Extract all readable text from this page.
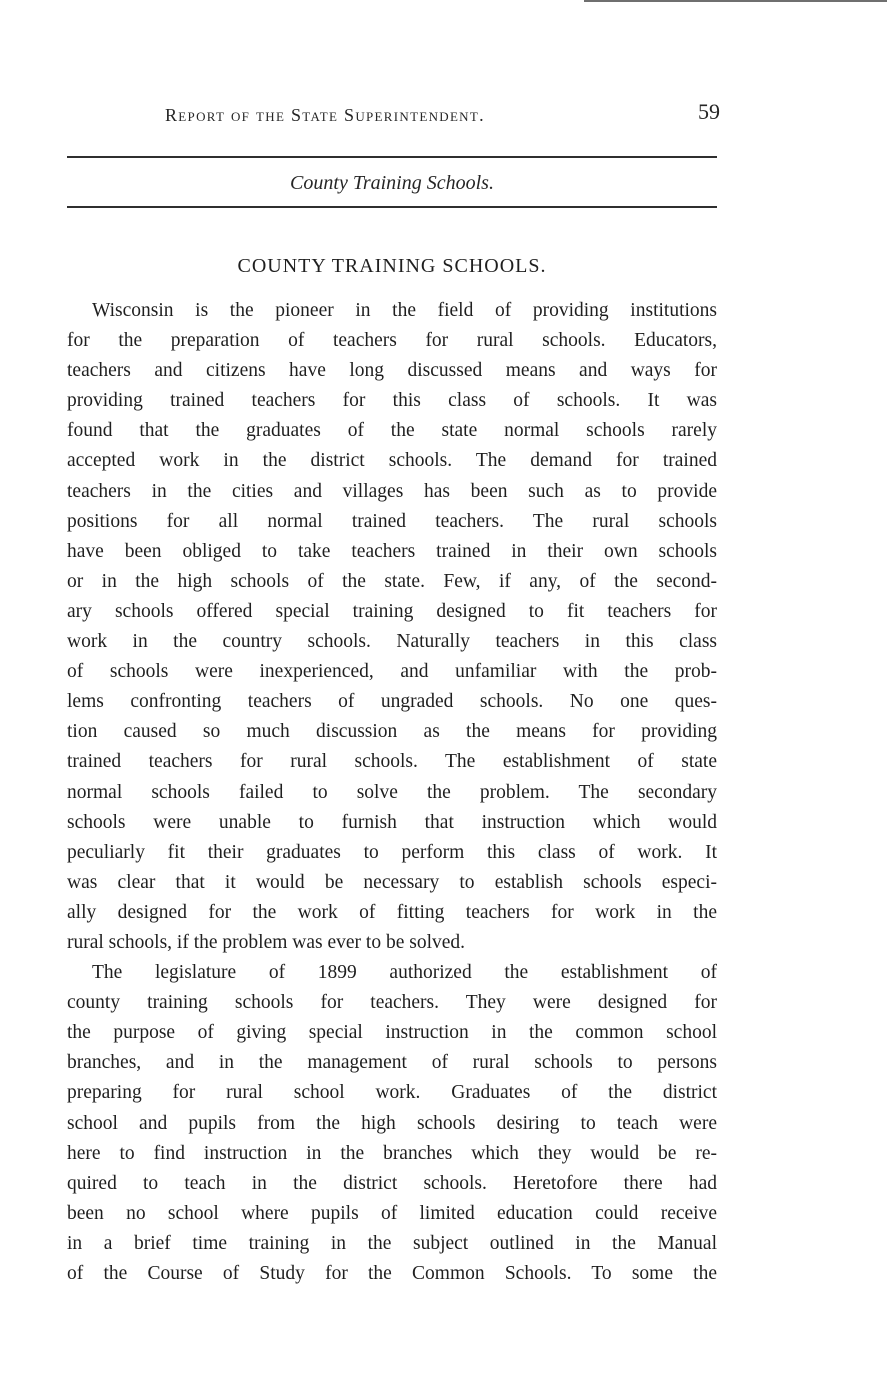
Report of the State Superintendent.	59
County Training Schools.
COUNTY TRAINING SCHOOLS.
Wisconsin is the pioneer in the field of providing institutions
for the preparation of teachers for rural schools. Educators,
teachers and citizens have long discussed means and ways for
providing trained teachers for this class of schools. It was
found that the graduates of the state normal schools rarely
accepted work in the district schools. The demand for trained
teachers in the cities and villages has been such as to provide
positions for all normal trained teachers. The rural schools
have been obliged to take teachers trained in their own schools
or in the high schools of the state. Few, if any, of the second-
ary schools offered special training designed to fit teachers for
work in the country schools. Naturally teachers in this class
of schools were inexperienced, and unfamiliar with the prob-
lems confronting teachers of ungraded schools. No one ques-
tion caused so much discussion as the means for providing
trained teachers for rural schools. The establishment of state
normal schools failed to solve the problem. The secondary
schools were unable to furnish that instruction which would
peculiarly fit their graduates to perform this class of work. It
was clear that it would be necessary to establish schools especi-
ally designed for the work of fitting teachers for work in the
rural schools, if the problem was ever to be solved.
The legislature of 1899 authorized the establishment of
county training schools for teachers. They were designed for
the purpose of giving special instruction in the common school
branches, and in the management of rural schools to persons
preparing for rural school work. Graduates of the district
school and pupils from the high schools desiring to teach were
here to find instruction in the branches which they would be re-
quired to teach in the district schools. Heretofore there had
been no school where pupils of limited education could receive
in a brief time training in the subject outlined in the Manual
of the Course of Study for the Common Schools. To some the
